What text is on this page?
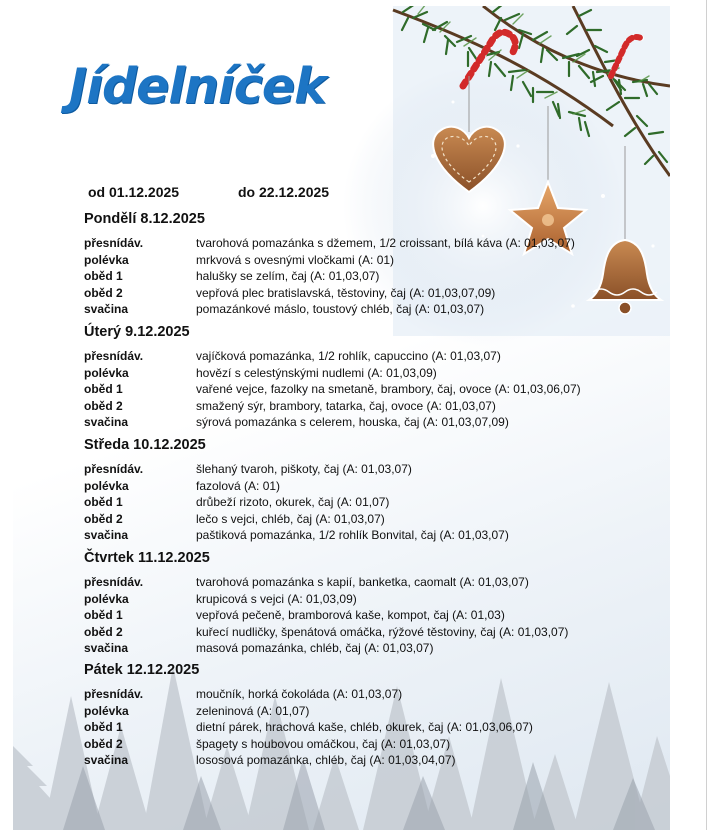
Jídelníček
od 01.12.2025	do 22.12.2025
Pondělí 8.12.2025
přesnídáv.	tvarohová pomazánka s džemem, 1/2 croissant, bílá káva (A: 01,03,07)
polévka	mrkvová s ovesnými vločkami (A: 01)
oběd 1	halušky se zelím, čaj (A: 01,03,07)
oběd 2	vepřová plec bratislavská, těstoviny, čaj (A: 01,03,07,09)
svačina	pomazánkové máslo, toustový chléb, čaj (A: 01,03,07)
Úterý 9.12.2025
přesnídáv.	vajíčková pomazánka, 1/2 rohlík, capuccino (A: 01,03,07)
polévka	hovězí s celestýnskými nudlemi (A: 01,03,09)
oběd 1	vařené vejce, fazolky na smetaně, brambory, čaj, ovoce (A: 01,03,06,07)
oběd 2	smažený sýr, brambory, tatarka, čaj, ovoce (A: 01,03,07)
svačina	sýrová pomazánka s celerem, houska, čaj (A: 01,03,07,09)
Středa 10.12.2025
přesnídáv.	šlehaný tvaroh, piškoty, čaj (A: 01,03,07)
polévka	fazolová (A: 01)
oběd 1	drůbeží rizoto, okurek, čaj (A: 01,07)
oběd 2	lečo s vejci, chléb, čaj (A: 01,03,07)
svačina	paštiková pomazánka, 1/2 rohlík Bonvital, čaj (A: 01,03,07)
Čtvrtek 11.12.2025
přesnídáv.	tvarohová pomazánka s kapií, banketka, caomalt (A: 01,03,07)
polévka	krupicová s vejci (A: 01,03,09)
oběd 1	vepřová pečeně, bramborová kaše, kompot, čaj (A: 01,03)
oběd 2	kuřecí nudličky, špenátová omáčka, rýžové těstoviny, čaj (A: 01,03,07)
svačina	masová pomazánka, chléb, čaj (A: 01,03,07)
Pátek 12.12.2025
přesnídáv.	moučník, horká čokoláda (A: 01,03,07)
polévka	zeleninová (A: 01,07)
oběd 1	dietní párek, hrachová kaše, chléb, okurek, čaj (A: 01,03,06,07)
oběd 2	špagety s houbovou omáčkou, čaj (A: 01,03,07)
svačina	lososová pomazánka, chléb, čaj (A: 01,03,04,07)
